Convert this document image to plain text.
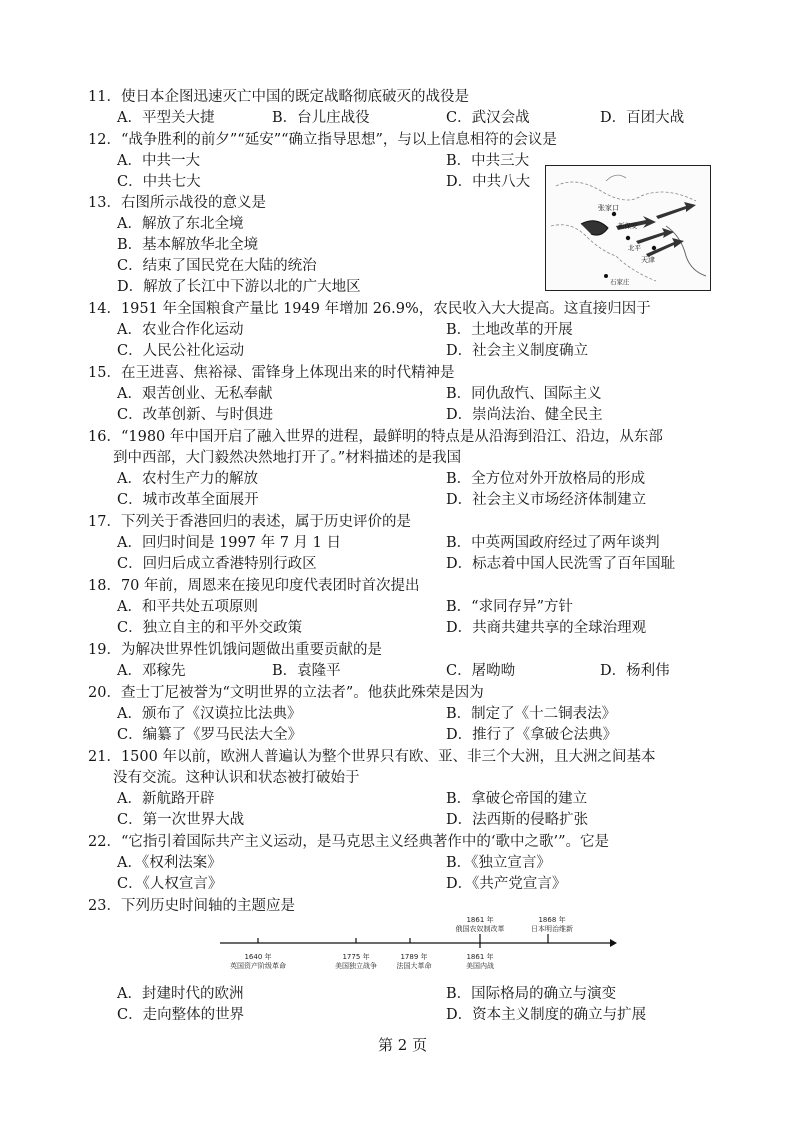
11．使日本企图迅速灭亡中国的既定战略彻底破灭的战役是
A．平型关大捷	B．台儿庄战役	C．武汉会战	D．百团大战
12．“战争胜利的前夕”“延安”“确立指导思想”，与以上信息相符的会议是
A．中共一大	B．中共三大
C．中共七大	D．中共八大
13．右图所示战役的意义是
A．解放了东北全境
B．基本解放华北全境
C．结束了国民党在大陆的统治
D．解放了长江中下游以北的广大地区
张家口
新保安
北平
天津
石家庄
14．1951 年全国粮食产量比 1949 年增加 26.9%，农民收入大大提高。这直接归因于
A．农业合作化运动	B．土地改革的开展
C．人民公社化运动	D．社会主义制度确立
15．在王进喜、焦裕禄、雷锋身上体现出来的时代精神是
A．艰苦创业、无私奉献	B．同仇敌忾、国际主义
C．改革创新、与时俱进	D．崇尚法治、健全民主
16．“1980 年中国开启了融入世界的进程，最鲜明的特点是从沿海到沿江、沿边，从东部
到中西部，大门毅然决然地打开了。”材料描述的是我国
A．农村生产力的解放	B．全方位对外开放格局的形成
C．城市改革全面展开	D．社会主义市场经济体制建立
17．下列关于香港回归的表述，属于历史评价的是
A．回归时间是 1997 年 7 月 1 日	B．中英两国政府经过了两年谈判
C．回归后成立香港特别行政区	D．标志着中国人民洗雪了百年国耻
18．70 年前，周恩来在接见印度代表团时首次提出
A．和平共处五项原则	B．“求同存异”方针
C．独立自主的和平外交政策	D．共商共建共享的全球治理观
19．为解决世界性饥饿问题做出重要贡献的是
A．邓稼先	B．袁隆平	C．屠呦呦	D．杨利伟
20．查士丁尼被誉为“文明世界的立法者”。他获此殊荣是因为
A．颁布了《汉谟拉比法典》	B．制定了《十二铜表法》
C．编纂了《罗马民法大全》	D．推行了《拿破仑法典》
21．1500 年以前，欧洲人普遍认为整个世界只有欧、亚、非三个大洲，且大洲之间基本
没有交流。这种认识和状态被打破始于
A．新航路开辟	B．拿破仑帝国的建立
C．第一次世界大战	D．法西斯的侵略扩张
22．“它指引着国际共产主义运动，是马克思主义经典著作中的‘歌中之歌’”。它是
A．《权利法案》	B．《独立宣言》
C．《人权宣言》	D．《共产党宣言》
23．下列历史时间轴的主题应是
1640 年
英国资产阶级革命
1775 年
美国独立战争
1789 年
法国大革命
1861 年
美国内战
1861 年
俄国农奴制改革
1868 年
日本明治维新
A．封建时代的欧洲	B．国际格局的确立与演变
C．走向整体的世界	D．资本主义制度的确立与扩展
第 2 页
